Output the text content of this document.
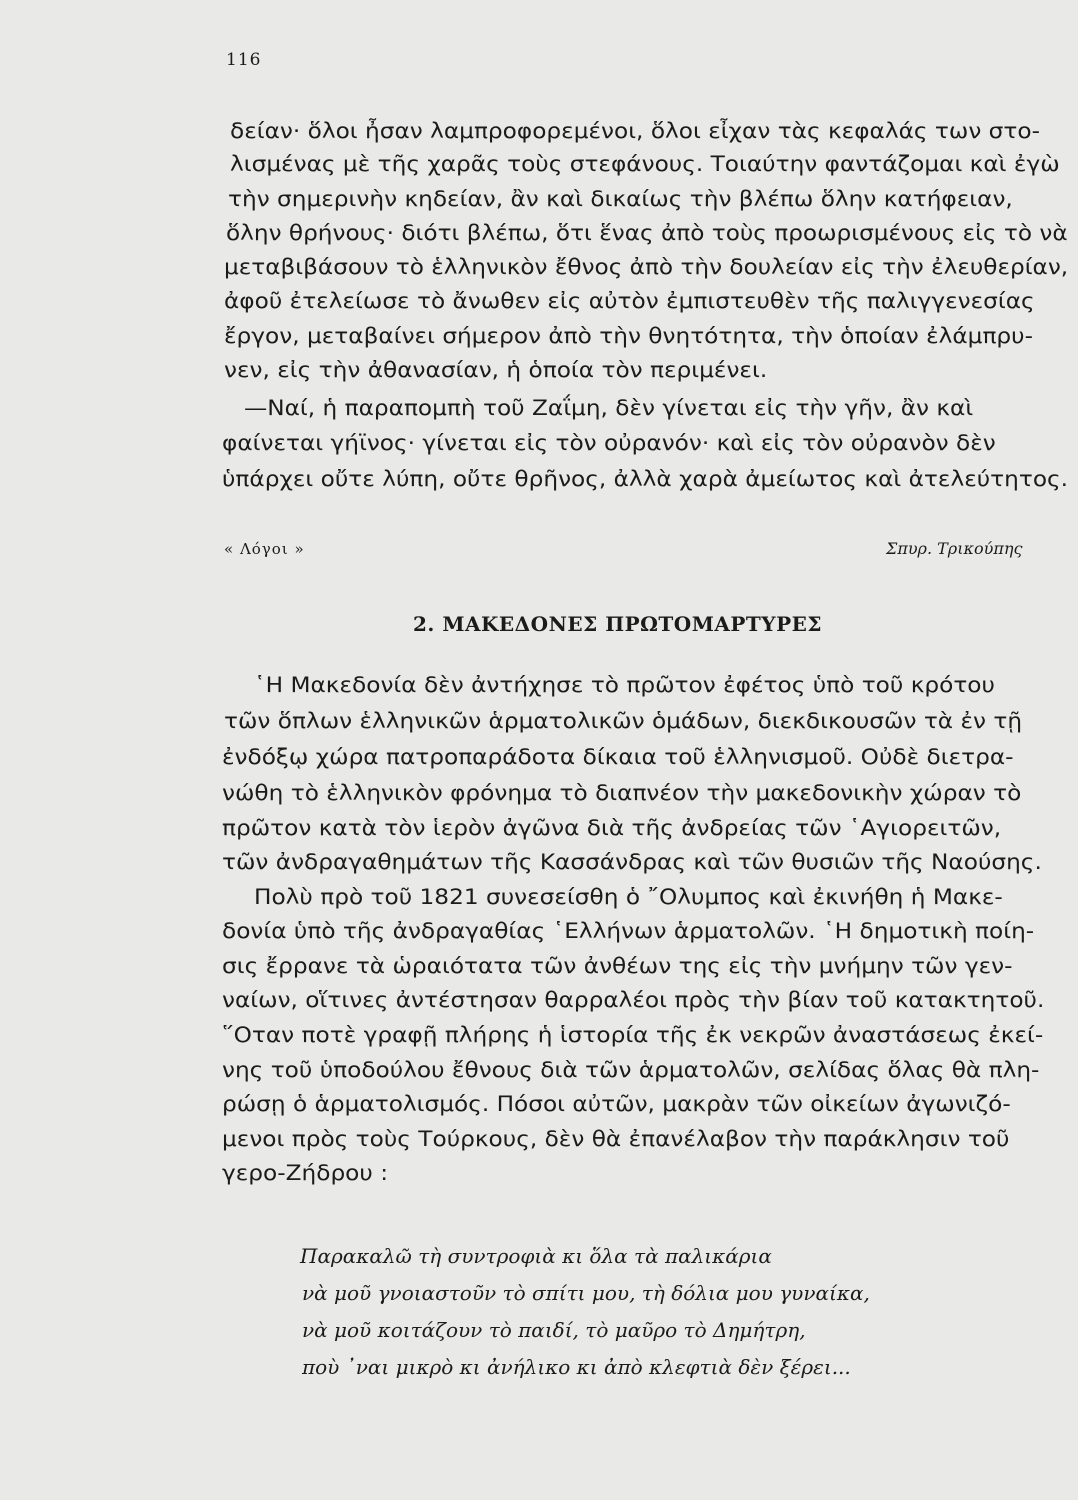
116
δείαν· ὅλοι ἦσαν λαμπροφορεμένοι, ὅλοι εἶχαν τὰς κεφαλάς των στο-
λισμένας μὲ τῆς χαρᾶς τοὺς στεφάνους. Τοιαύτην φαντάζομαι καὶ ἐγὼ
τὴν σημερινὴν κηδείαν, ἂν καὶ δικαίως τὴν βλέπω ὅλην κατήφειαν,
ὅλην θρήνους· διότι βλέπω, ὅτι ἕνας ἀπὸ τοὺς προωρισμένους εἰς τὸ νὰ
μεταβιβάσουν τὸ ἑλληνικὸν ἔθνος ἀπὸ τὴν δουλείαν εἰς τὴν ἐλευθερίαν,
ἀφοῦ ἐτελείωσε τὸ ἄνωθεν εἰς αὐτὸν ἐμπιστευθὲν τῆς παλιγγενεσίας
ἔργον, μεταβαίνει σήμερον ἀπὸ τὴν θνητότητα, τὴν ὁποίαν ἐλάμπρυ-
νεν, εἰς τὴν ἀθανασίαν, ἡ ὁποία τὸν περιμένει.
—Ναί, ἡ παραπομπὴ τοῦ Ζαΐμη, δὲν γίνεται εἰς τὴν γῆν, ἂν καὶ
φαίνεται γήϊνος· γίνεται εἰς τὸν οὐρανόν· καὶ εἰς τὸν οὐρανὸν δὲν
ὑπάρχει οὔτε λύπη, οὔτε θρῆνος, ἀλλὰ χαρὰ ἀμείωτος καὶ ἀτελεύτητος.
« Λόγοι »	Σπυρ. Τρικούπης
2. ΜΑΚΕΔΟΝΕΣ ΠΡΩΤΟΜΑΡΤΥΡΕΣ
῾Η Μακεδονία δὲν ἀντήχησε τὸ πρῶτον ἐφέτος ὑπὸ τοῦ κρότου
τῶν ὅπλων ἑλληνικῶν ἁρματολικῶν ὁμάδων, διεκδικουσῶν τὰ ἐν τῇ
ἐνδόξῳ χώρα πατροπαράδοτα δίκαια τοῦ ἑλληνισμοῦ. Οὐδὲ διετρα-
νώθη τὸ ἑλληνικὸν φρόνημα τὸ διαπνέον τὴν μακεδονικὴν χώραν τὸ
πρῶτον κατὰ τὸν ἱερὸν ἀγῶνα διὰ τῆς ἀνδρείας τῶν ῾Αγιορειτῶν,
τῶν ἀνδραγαθημάτων τῆς Κασσάνδρας καὶ τῶν θυσιῶν τῆς Ναούσης.
Πολὺ πρὸ τοῦ 1821 συνεσείσθη ὁ ῎Ολυμπος καὶ ἐκινήθη ἡ Μακε-
δονία ὑπὸ τῆς ἀνδραγαθίας ῾Ελλήνων ἁρματολῶν. ῾Η δημοτικὴ ποίη-
σις ἔρρανε τὰ ὡραιότατα τῶν ἀνθέων της εἰς τὴν μνήμην τῶν γεν-
ναίων, οἵτινες ἀντέστησαν θαρραλέοι πρὸς τὴν βίαν τοῦ κατακτητοῦ.
῞Οταν ποτὲ γραφῇ πλήρης ἡ ἱστορία τῆς ἐκ νεκρῶν ἀναστάσεως ἐκεί-
νης τοῦ ὑποδούλου ἔθνους διὰ τῶν ἁρματολῶν, σελίδας ὅλας θὰ πλη-
ρώσῃ ὁ ἁρματολισμός. Πόσοι αὐτῶν, μακρὰν τῶν οἰκείων ἀγωνιζό-
μενοι πρὸς τοὺς Τούρκους, δὲν θὰ ἐπανέλαβον τὴν παράκλησιν τοῦ
γερο-Ζήδρου :
Παρακαλῶ τὴ συντροφιὰ κι ὅλα τὰ παλικάρια
νὰ μοῦ γνοιαστοῦν τὸ σπίτι μου, τὴ δόλια μου γυναίκα,
νὰ μοῦ κοιτάζουν τὸ παιδί, τὸ μαῦρο τὸ Δημήτρη,
ποὺ ᾽ναι μικρὸ κι ἀνήλικο κι ἀπὸ κλεφτιὰ δὲν ξέρει...
